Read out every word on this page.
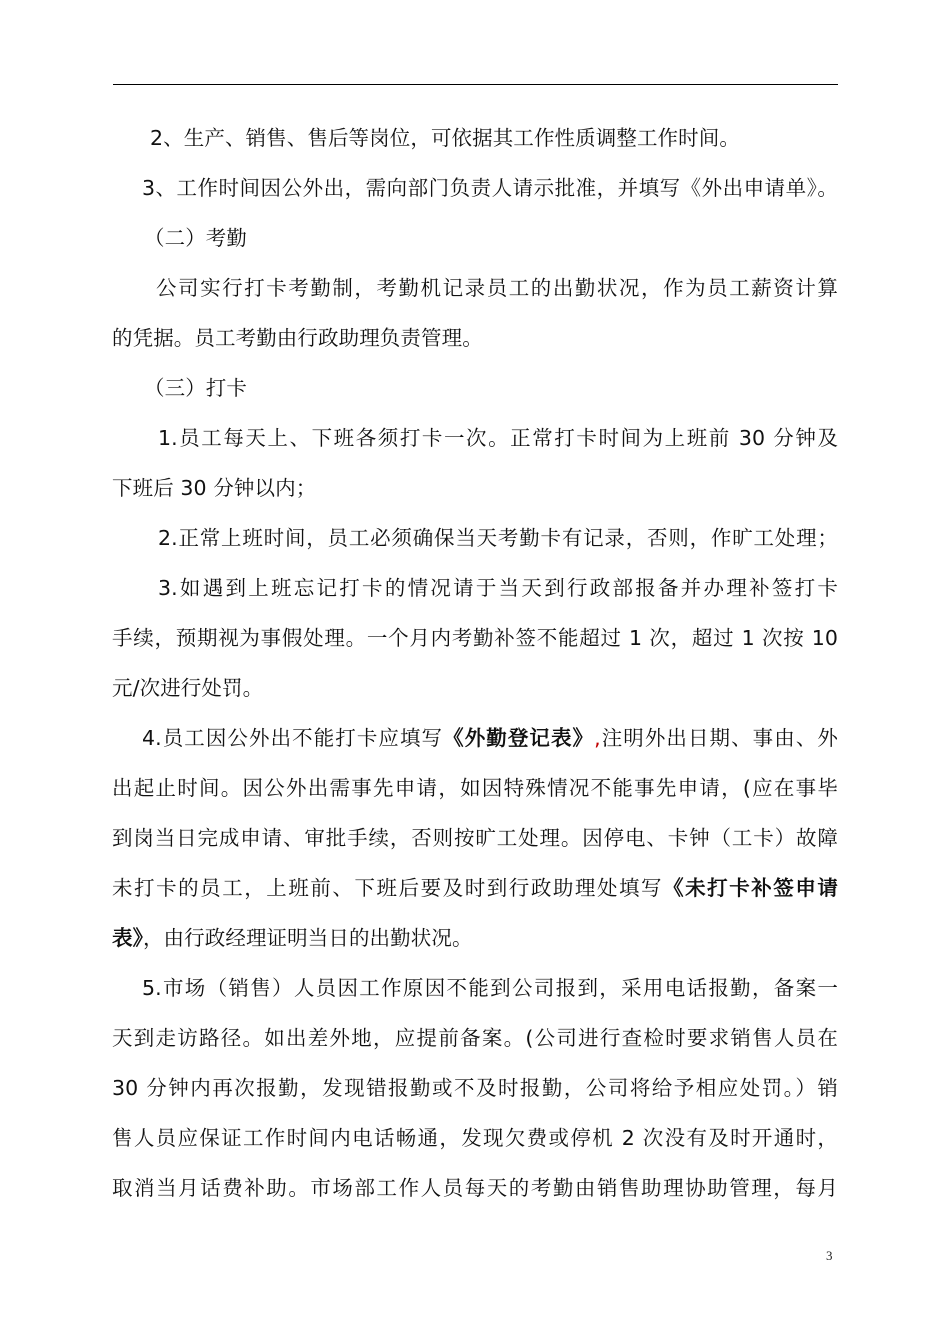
2、生产、销售、售后等岗位，可依据其工作性质调整工作时间。
3、工作时间因公外出，需向部门负责人请示批准，并填写《外出申请单》。
（二）考勤
公司实行打卡考勤制，考勤机记录员工的出勤状况，作为员工薪资计算
的凭据。员工考勤由行政助理负责管理。
（三）打卡
1.员工每天上、下班各须打卡一次。正常打卡时间为上班前 30 分钟及
下班后 30 分钟以内；
2.正常上班时间，员工必须确保当天考勤卡有记录，否则，作旷工处理；
3.如遇到上班忘记打卡的情况请于当天到行政部报备并办理补签打卡
手续，预期视为事假处理。一个月内考勤补签不能超过 1 次，超过 1 次按 10
元/次进行处罚。
4.员工因公外出不能打卡应填写《外勤登记表》,注明外出日期、事由、外
出起止时间。因公外出需事先申请，如因特殊情况不能事先申请，(应在事毕
到岗当日完成申请、审批手续，否则按旷工处理。因停电、卡钟（工卡）故障
未打卡的员工，上班前、下班后要及时到行政助理处填写《未打卡补签申请
表》，由行政经理证明当日的出勤状况。
5.市场（销售）人员因工作原因不能到公司报到，采用电话报勤，备案一
天到走访路径。如出差外地，应提前备案。(公司进行查检时要求销售人员在
30 分钟内再次报勤，发现错报勤或不及时报勤，公司将给予相应处罚。）销
售人员应保证工作时间内电话畅通，发现欠费或停机 2 次没有及时开通时，
取消当月话费补助。市场部工作人员每天的考勤由销售助理协助管理，每月
3
